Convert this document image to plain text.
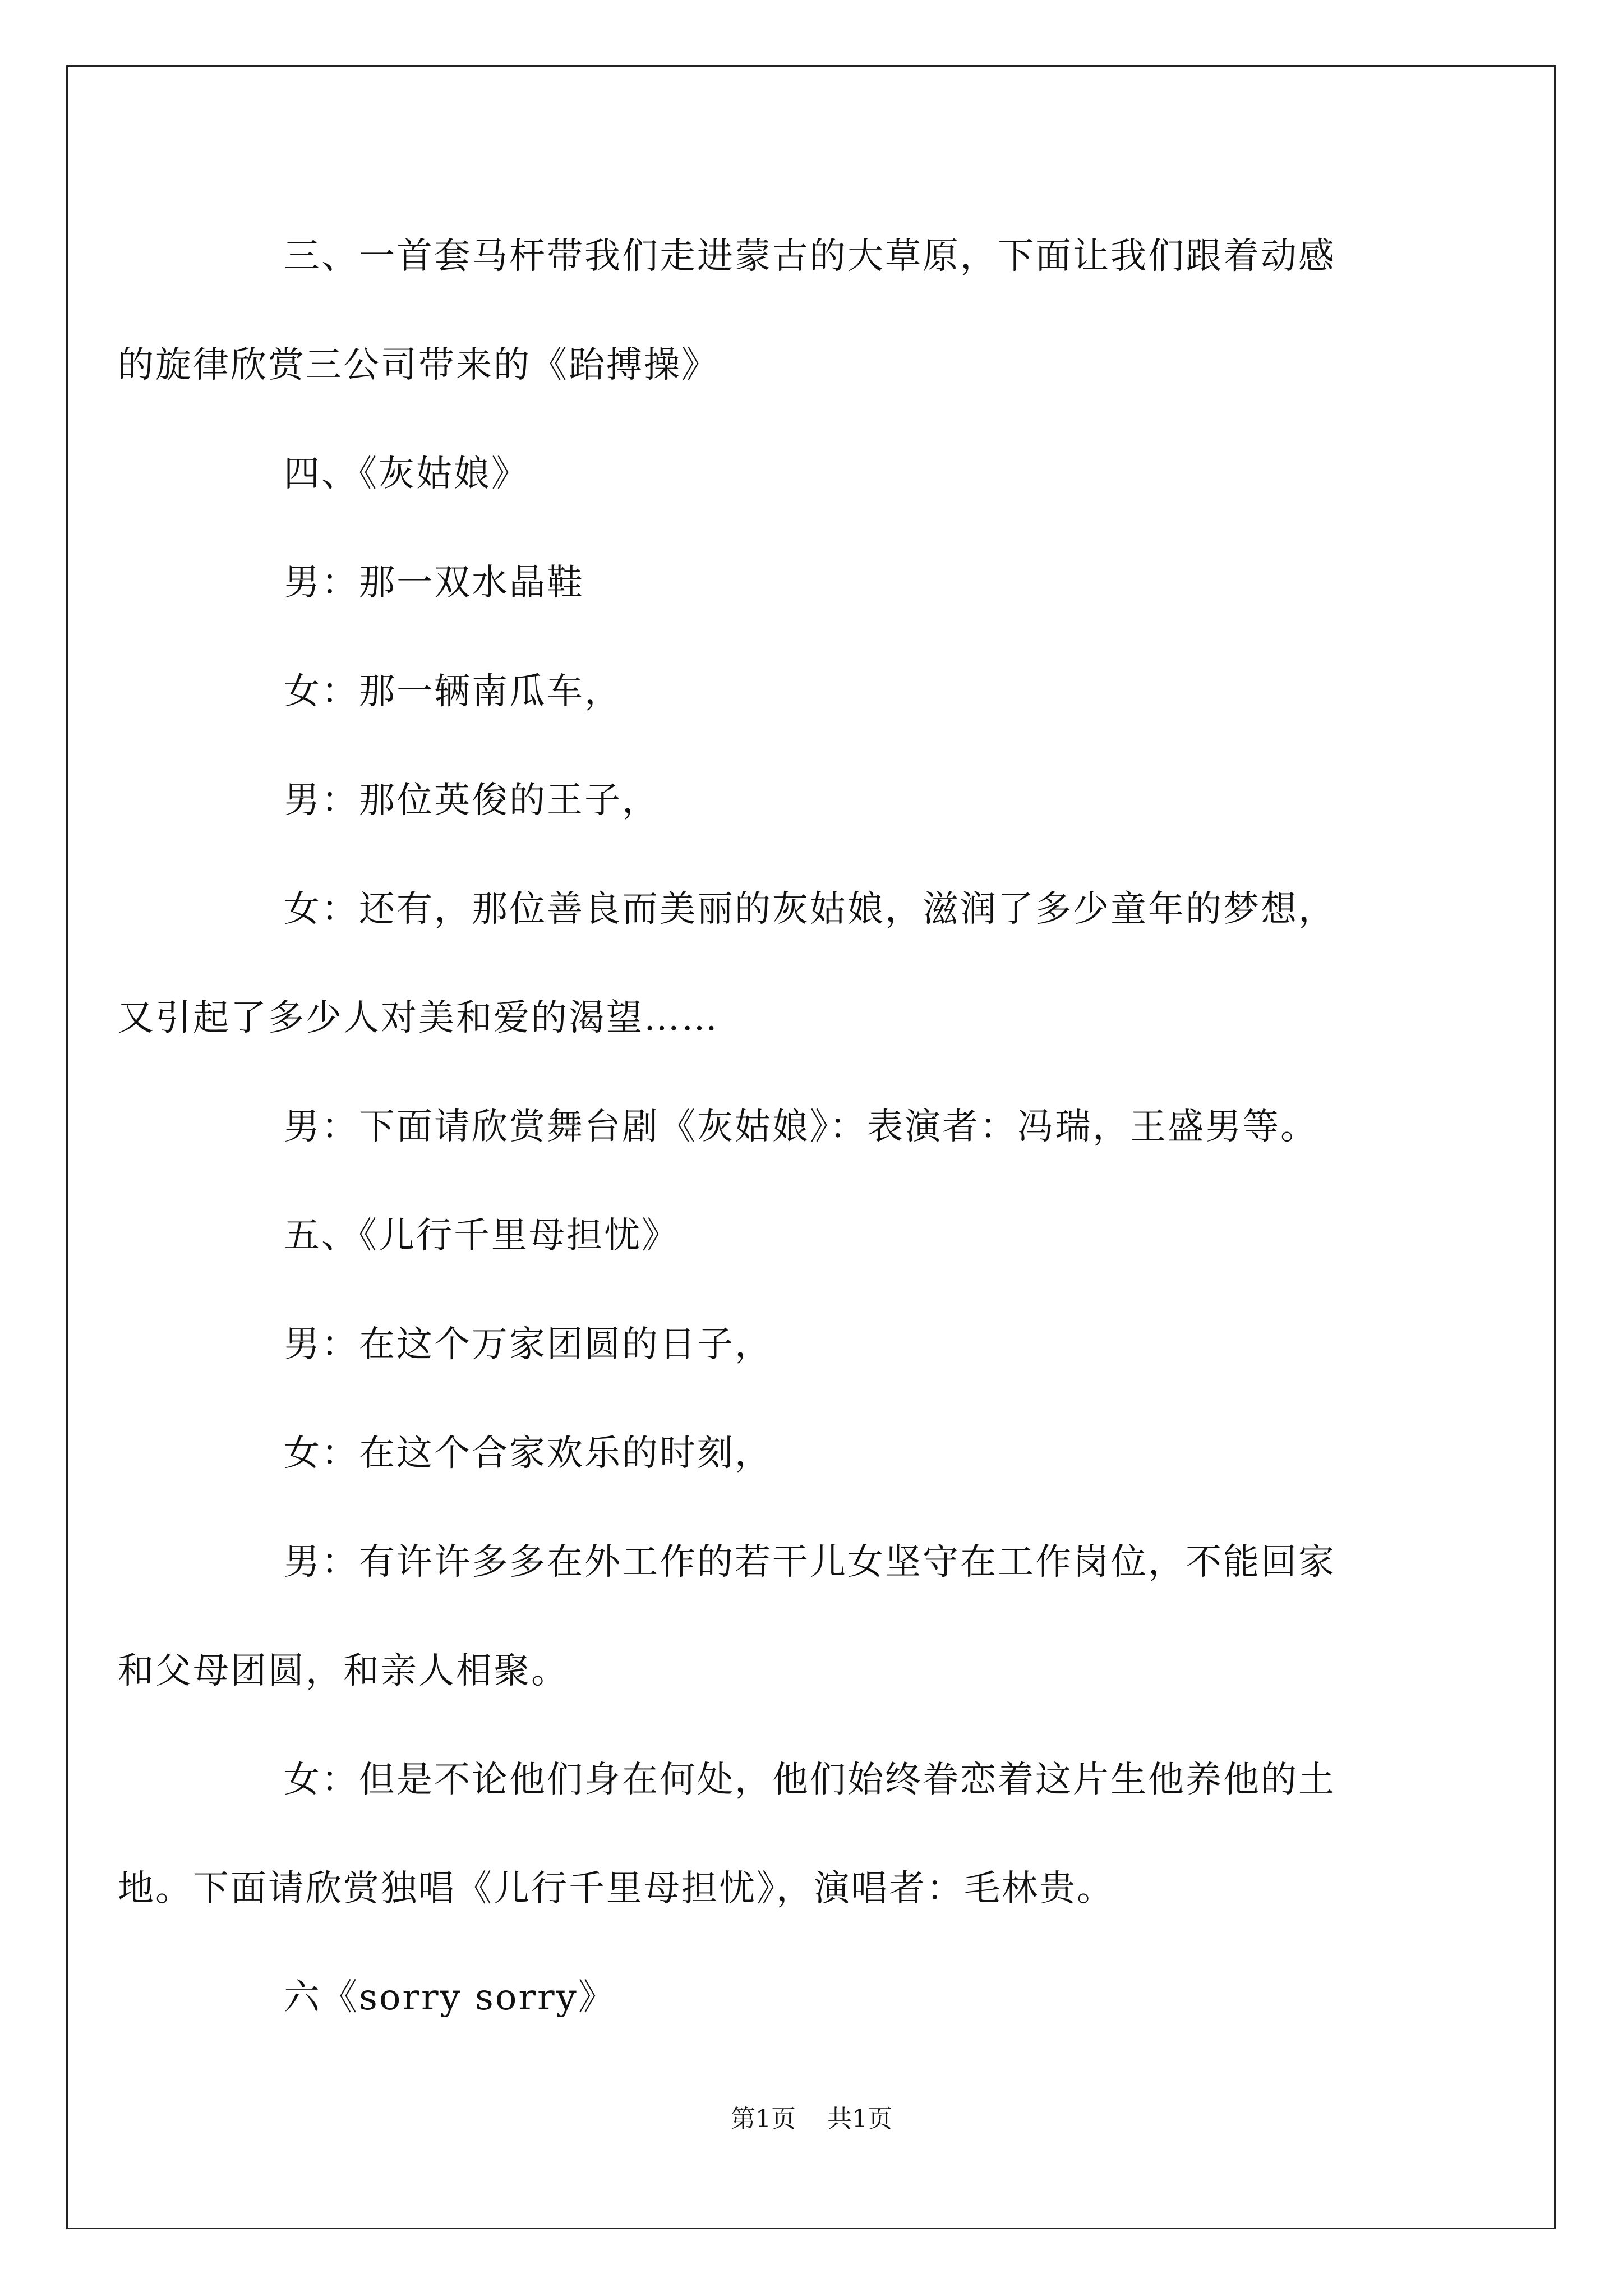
三、一首套马杆带我们走进蒙古的大草原，下面让我们跟着动感
的旋律欣赏三公司带来的《跆搏操》
四、《灰姑娘》
男：那一双水晶鞋
女：那一辆南瓜车，
男：那位英俊的王子，
女：还有，那位善良而美丽的灰姑娘，滋润了多少童年的梦想，
又引起了多少人对美和爱的渴望……
男：下面请欣赏舞台剧《灰姑娘》：表演者：冯瑞，王盛男等。
五、《儿行千里母担忧》
男：在这个万家团圆的日子，
女：在这个合家欢乐的时刻，
男：有许许多多在外工作的若干儿女坚守在工作岗位，不能回家
和父母团圆，和亲人相聚。
女：但是不论他们身在何处，他们始终眷恋着这片生他养他的土
地。下面请欣赏独唱《儿行千里母担忧》，演唱者：毛林贵。
六《sorry sorry》
第1页 共1页
